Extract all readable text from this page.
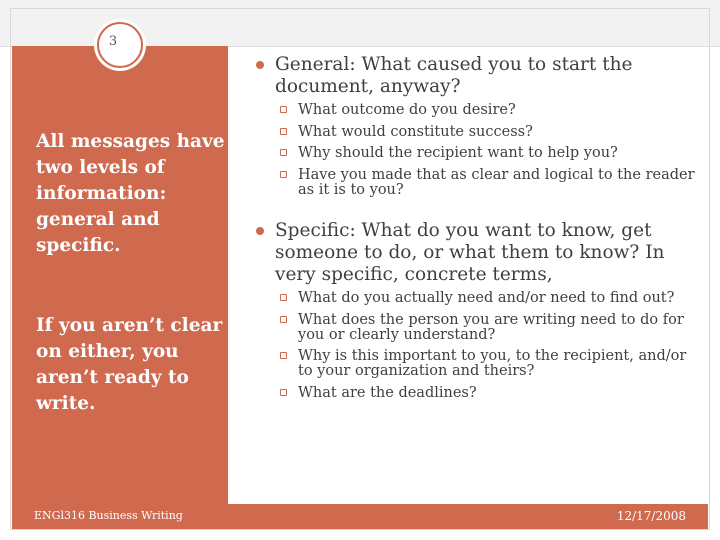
3
All messages have two levels of information: general and specific.
If you aren’t clear on either, you aren’t ready to write.
General: What caused you to start the document, anyway?
What outcome do you desire?
What would constitute success?
Why should the recipient want to help you?
Have you made that as clear and logical to the reader as it is to you?
Specific: What do you want to know, get someone to do, or what them to know? In very specific, concrete terms,
What do you actually need and/or need to find out?
What does the person you are writing need to do for you or clearly understand?
Why is this important to you, to the recipient, and/or to your organization and theirs?
What are the deadlines?
ENGl316 Business Writing	12/17/2008
